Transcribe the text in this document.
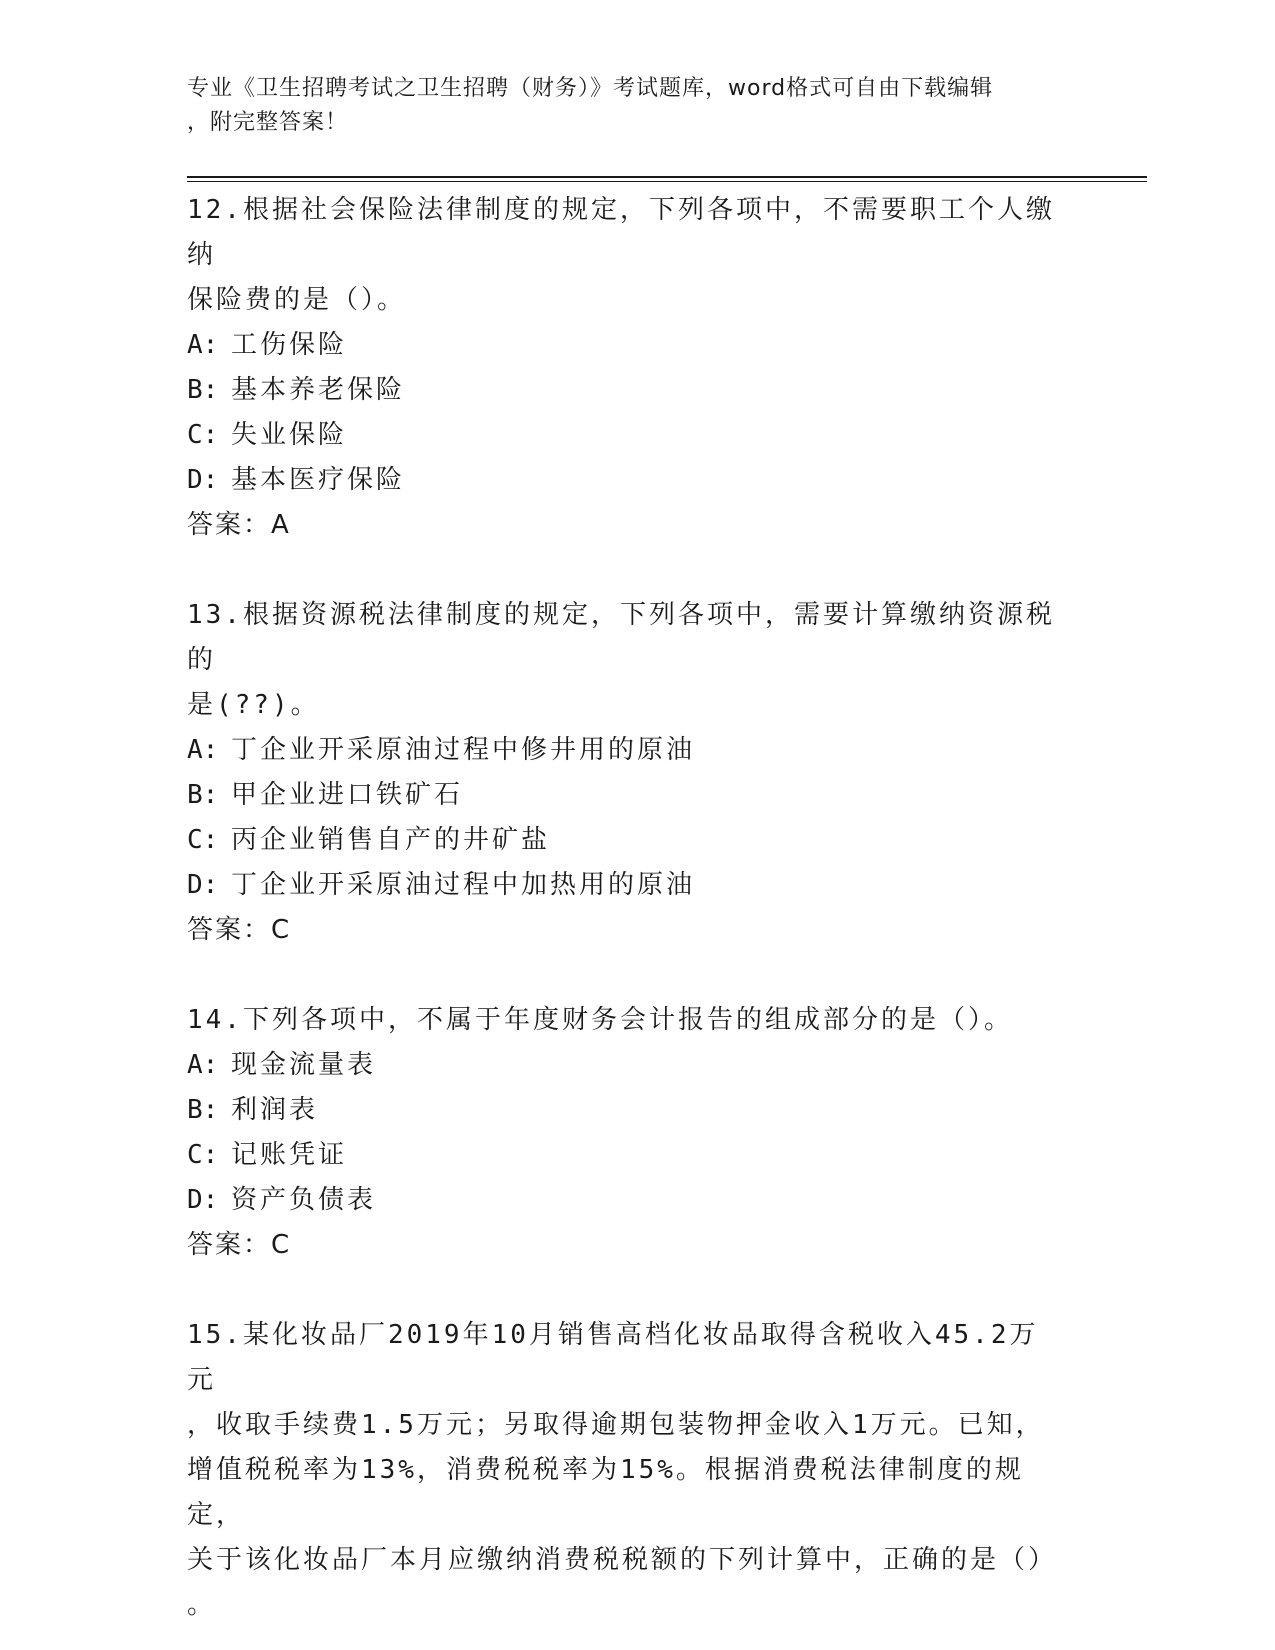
专业《卫生招聘考试之卫生招聘（财务）》考试题库，word格式可自由下载编辑
，附完整答案！

12.根据社会保险法律制度的规定，下列各项中，不需要职工个人缴纳
保险费的是（）。

A: 工伤保险

B: 基本养老保险

C: 失业保险

D: 基本医疗保险

答案：A

13.根据资源税法律制度的规定，下列各项中，需要计算缴纳资源税的
是(??)。

A: 丁企业开采原油过程中修井用的原油

B: 甲企业进口铁矿石

C: 丙企业销售自产的井矿盐

D: 丁企业开采原油过程中加热用的原油

答案：C

14.下列各项中，不属于年度财务会计报告的组成部分的是（）。

A: 现金流量表

B: 利润表

C: 记账凭证

D: 资产负债表

答案：C

15.某化妆品厂2019年10月销售高档化妆品取得含税收入45.2万元
，收取手续费1.5万元；另取得逾期包装物押金收入1万元。已知，
增值税税率为13%，消费税税率为15%。根据消费税法律制度的规定，
关于该化妆品厂本月应缴纳消费税税额的下列计算中，正确的是（）
。
